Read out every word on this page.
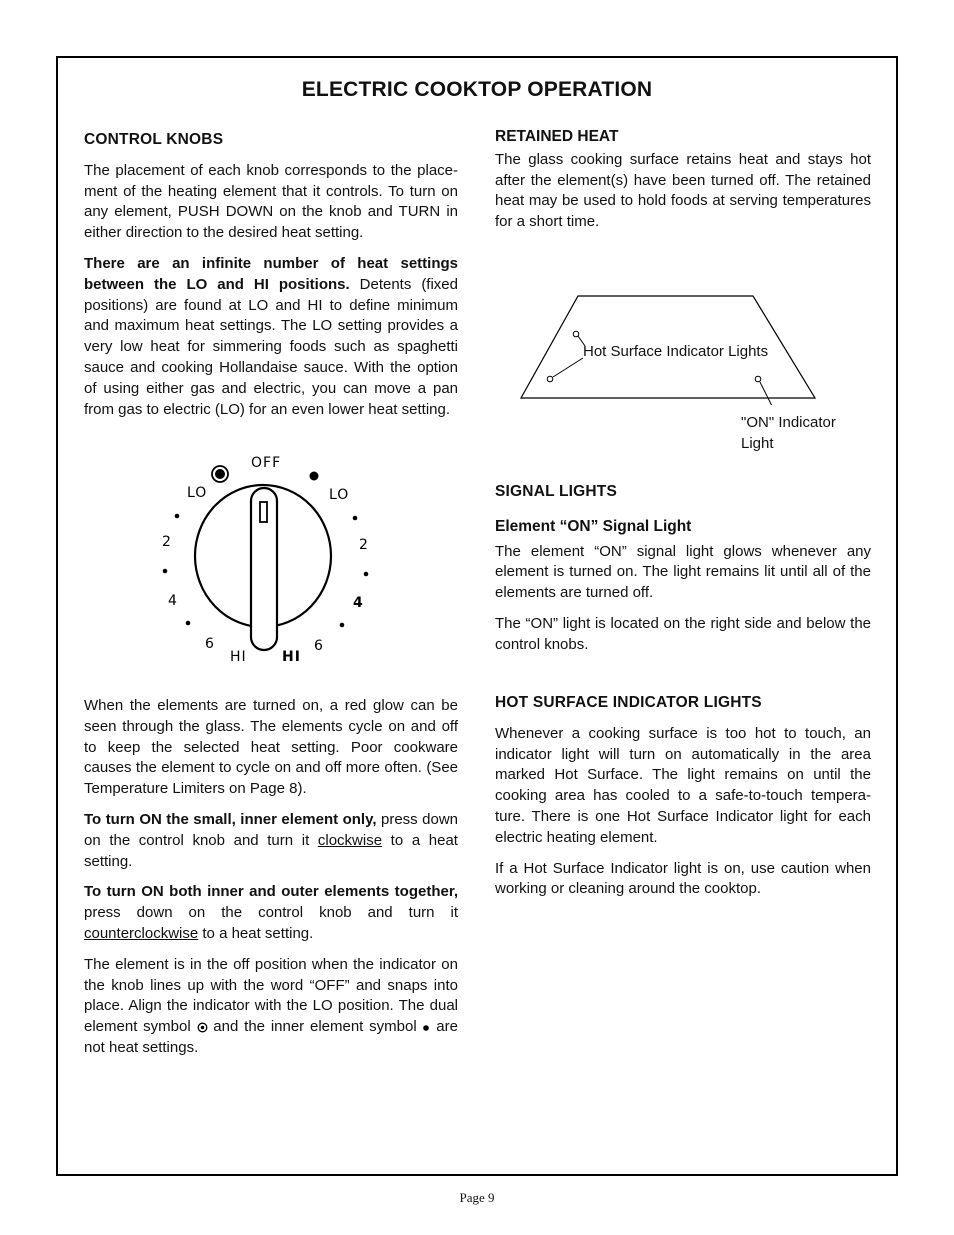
ELECTRIC COOKTOP OPERATION
CONTROL KNOBS

The placement of each knob corresponds to the place-ment of the heating element that it controls. To turn on any element, PUSH DOWN on the knob and TURN in either direction to the desired heat setting.

There are an infinite number of heat settings between the LO and HI positions. Detents (fixed positions) are found at LO and HI to define minimum and maximum heat settings. The LO setting provides a very low heat for simmering foods such as spaghetti sauce and cooking Hollandaise sauce. With the option of using either gas and electric, you can move a pan from gas to electric (LO) for an even lower heat setting.

OFF
LO	LO
2	2
4	4
6	6
HI	HI

When the elements are turned on, a red glow can be seen through the glass. The elements cycle on and off to keep the selected heat setting. Poor cookware causes the element to cycle on and off more often. (See Temperature Limiters on Page 8).

To turn ON the small, inner element only, press down on the control knob and turn it clockwise to a heat setting.

To turn ON both inner and outer elements together, press down on the control knob and turn it counterclockwise to a heat setting.

The element is in the off position when the indicator on the knob lines up with the word “OFF” and snaps into place. Align the indicator with the LO position. The dual element symbol  and the inner element symbol  are not heat settings.

RETAINED HEAT

The glass cooking surface retains heat and stays hot after the element(s) have been turned off. The retained heat may be used to hold foods at serving temperatures for a short time.

Hot Surface Indicator Lights
"ON" Indicator
Light
SIGNAL LIGHTS
Element “ON” Signal Light

The element “ON” signal light glows whenever any element is turned on. The light remains lit until all of the elements are turned off.

The “ON” light is located on the right side and below the control knobs.

HOT SURFACE INDICATOR LIGHTS

Whenever a cooking surface is too hot to touch, an indicator light will turn on automatically in the area marked Hot Surface. The light remains on until the cooking area has cooled to a safe-to-touch tempera-ture. There is one Hot Surface Indicator light for each electric heating element.

If a Hot Surface Indicator light is on, use caution when working or cleaning around the cooktop.

Page 9
